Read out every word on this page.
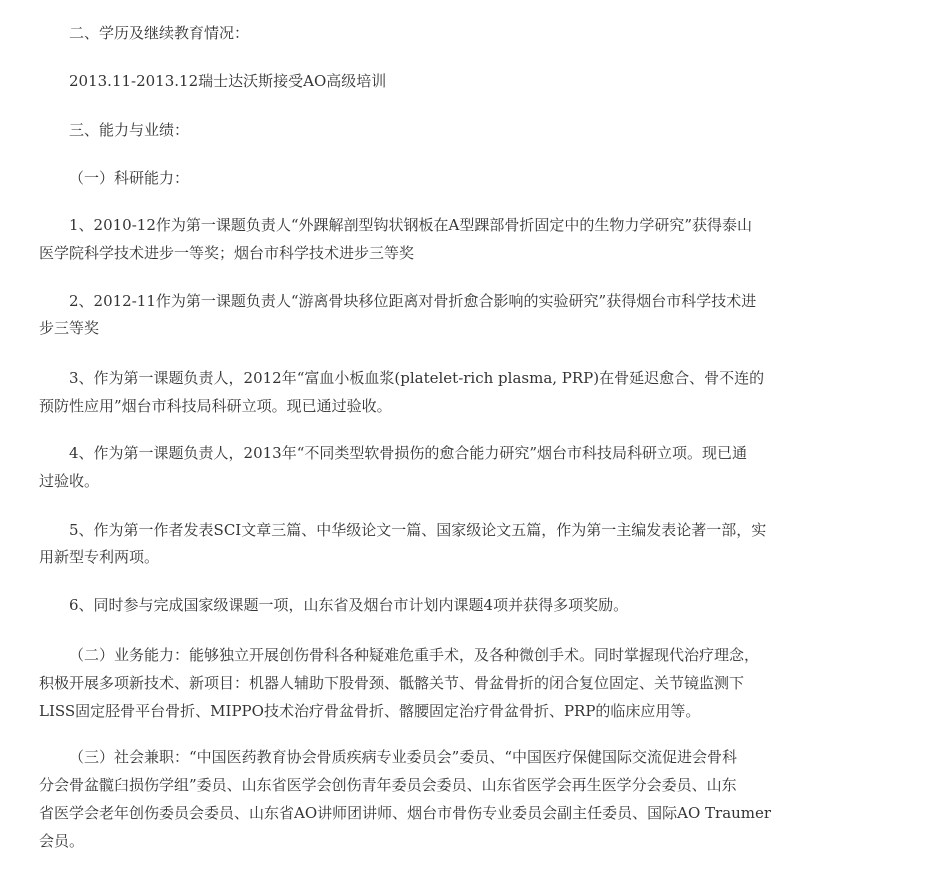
二、学历及继续教育情况：
2013.11-2013.12瑞士达沃斯接受AO高级培训
三、能力与业绩：
（一）科研能力：
1、2010-12作为第一课题负责人“外踝解剖型钩状钢板在A型踝部骨折固定中的生物力学研究”获得泰山
医学院科学技术进步一等奖；烟台市科学技术进步三等奖
2、2012-11作为第一课题负责人“游离骨块移位距离对骨折愈合影响的实验研究”获得烟台市科学技术进
步三等奖
3、作为第一课题负责人，2012年“富血小板血浆(platelet-rich plasma, PRP)在骨延迟愈合、骨不连的
预防性应用”烟台市科技局科研立项。现已通过验收。
4、作为第一课题负责人，2013年“不同类型软骨损伤的愈合能力研究”烟台市科技局科研立项。现已通
过验收。
5、作为第一作者发表SCI文章三篇、中华级论文一篇、国家级论文五篇，作为第一主编发表论著一部，实
用新型专利两项。
6、同时参与完成国家级课题一项，山东省及烟台市计划内课题4项并获得多项奖励。
（二）业务能力：能够独立开展创伤骨科各种疑难危重手术，及各种微创手术。同时掌握现代治疗理念，
积极开展多项新技术、新项目：机器人辅助下股骨颈、骶髂关节、骨盆骨折的闭合复位固定、关节镜监测下
LISS固定胫骨平台骨折、MIPPO技术治疗骨盆骨折、髂腰固定治疗骨盆骨折、PRP的临床应用等。
（三）社会兼职：“中国医药教育协会骨质疾病专业委员会”委员、“中国医疗保健国际交流促进会骨科
分会骨盆髋臼损伤学组”委员、山东省医学会创伤青年委员会委员、山东省医学会再生医学分会委员、山东
省医学会老年创伤委员会委员、山东省AO讲师团讲师、烟台市骨伤专业委员会副主任委员、国际AO Traumer
会员。
